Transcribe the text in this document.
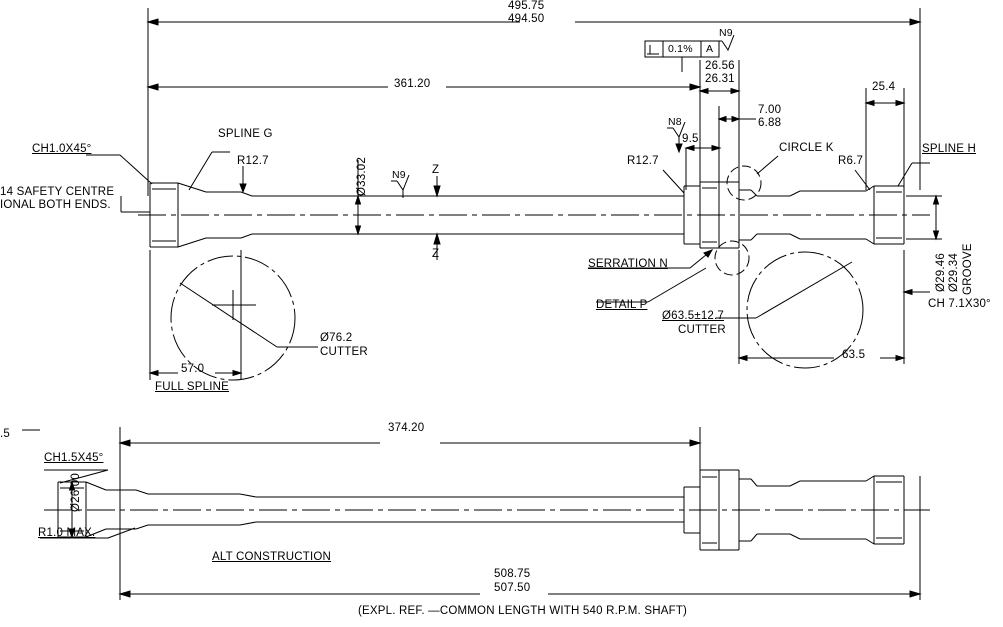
495.75
494.50
361.20
0.1% A
N9
26.56
26.31
N8
N9
7.00
6.88
9.5
25.4
CH1.0X45°
14 SAFETY CENTRE
IONAL BOTH ENDS.
SPLINE G
R12.7	R12.7	R6.7
SPLINE H
Ø33.02	Z
Z
CIRCLE K
SERRATION N
DETAIL P
Ø76.2
CUTTER
Ø63.5±12.7
CUTTER
Ø29.46 Ø29.34 GROOVE
CH 7.1X30°
57.0
FULL SPLINE
63.5
.5	374.20
CH1.5X45°
Ø26.00
R1.0 MAX.
ALT CONSTRUCTION
508.75
507.50
(EXPL. REF. —COMMON LENGTH WITH 540 R.P.M. SHAFT)
